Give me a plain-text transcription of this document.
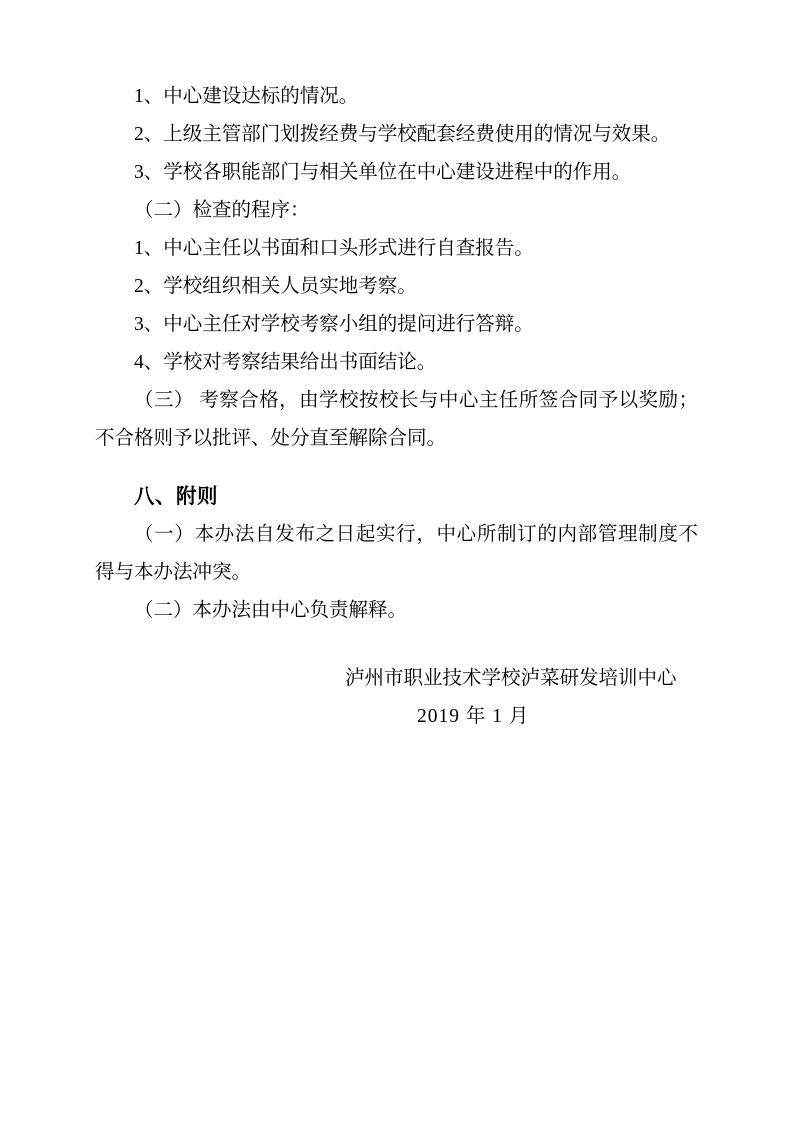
1、中心建设达标的情况。

2、上级主管部门划拨经费与学校配套经费使用的情况与效果。

3、学校各职能部门与相关单位在中心建设进程中的作用。

（二）检查的程序：

1、中心主任以书面和口头形式进行自查报告。

2、学校组织相关人员实地考察。

3、中心主任对学校考察小组的提问进行答辩。

4、学校对考察结果给出书面结论。

（三） 考察合格，由学校按校长与中心主任所签合同予以奖励；不合格则予以批评、处分直至解除合同。

八、附则

（一）本办法自发布之日起实行，中心所制订的内部管理制度不得与本办法冲突。

（二）本办法由中心负责解释。

泸州市职业技术学校泸菜研发培训中心

2019 年 1 月
